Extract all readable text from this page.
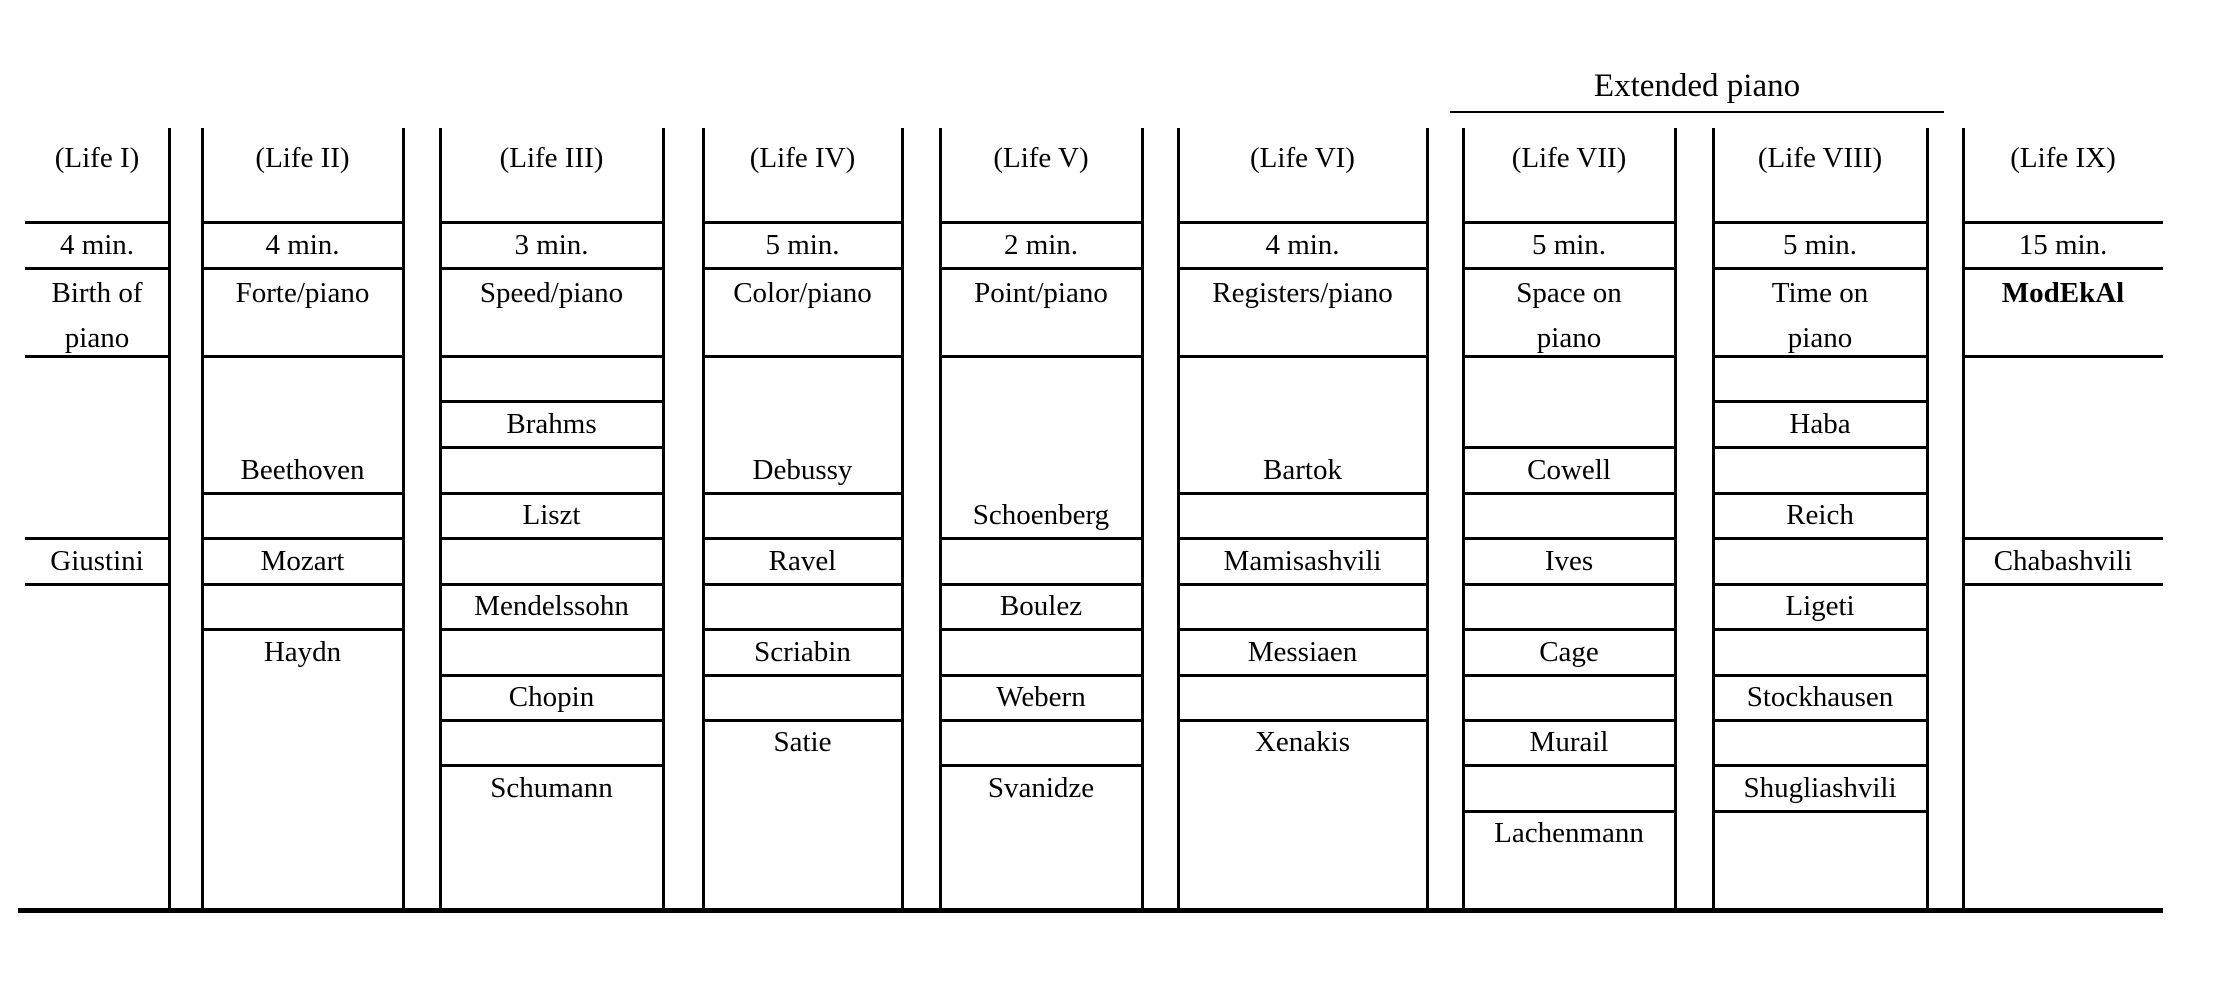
Extended piano
(Life I)
4 min.
Birth of
piano
Giustini
(Life II)
4 min.
Forte/piano
Beethoven
Mozart
Haydn
(Life III)
3 min.
Speed/piano
Brahms
Liszt
Mendelssohn
Chopin
Schumann
(Life IV)
5 min.
Color/piano
Debussy
Ravel
Scriabin
Satie
(Life V)
2 min.
Point/piano
Schoenberg
Boulez
Webern
Svanidze
(Life VI)
4 min.
Registers/piano
Bartok
Mamisashvili
Messiaen
Xenakis
(Life VII)
5 min.
Space on
piano
Cowell
Ives
Cage
Murail
Lachenmann
(Life VIII)
5 min.
Time on
piano
Haba
Reich
Ligeti
Stockhausen
Shugliashvili
(Life IX)
15 min.
ModEkAl
Chabashvili
